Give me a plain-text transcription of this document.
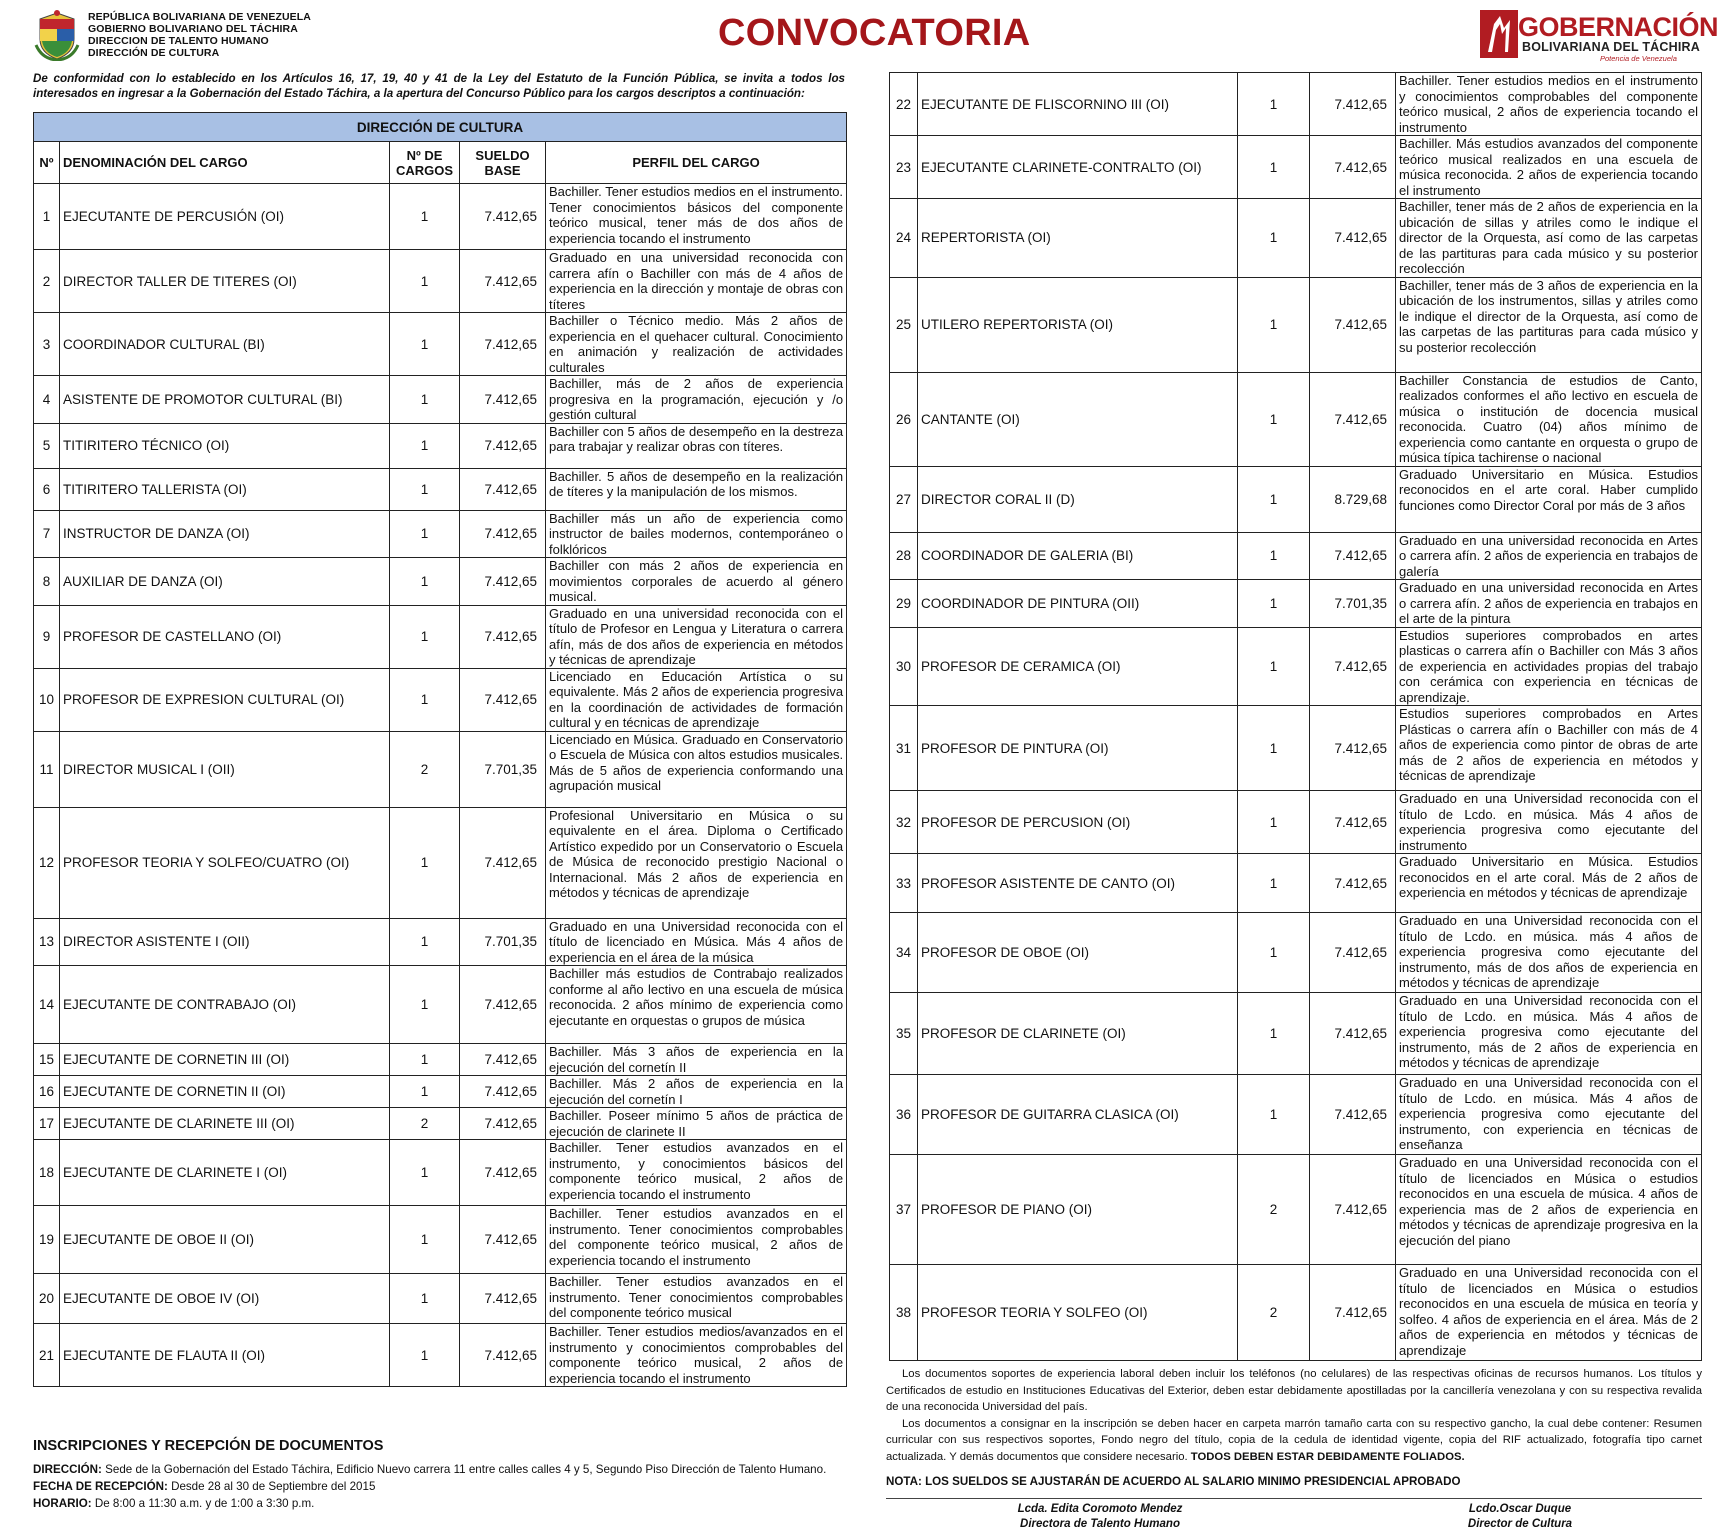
REPÚBLICA BOLIVARIANA DE VENEZUELA
GOBIERNO BOLIVARIANO DEL TÁCHIRA
DIRECCION DE TALENTO HUMANO
DIRECCIÓN DE CULTURA	CONVOCATORIA	GOBERNACIÓN
BOLIVARIANA DEL TÁCHIRA
Potencia de Venezuela
De conformidad con lo establecido en los Artículos 16, 17, 19, 40 y 41 de la Ley del Estatuto de la Función Pública, se invita a todos los interesados en ingresar a la Gobernación del Estado Táchira, a la apertura del Concurso Público para los cargos descriptos a continuación:
DIRECCIÓN DE CULTURA				
Nº	DENOMINACIÓN DEL CARGO	Nº DE CARGOS	SUELDO BASE	PERFIL DEL CARGO
1	EJECUTANTE DE PERCUSIÓN (OI)	1	7.412,65	Bachiller. Tener estudios medios en el instrumento. Tener conocimientos básicos del componente teórico musical, tener más de dos años de experiencia tocando el instrumento
2	DIRECTOR TALLER DE TITERES (OI)	1	7.412,65	Graduado en una universidad reconocida con carrera afín o Bachiller con más de 4 años de experiencia en la dirección y montaje de obras con títeres
3	COORDINADOR CULTURAL (BI)	1	7.412,65	Bachiller o Técnico medio. Más 2 años de experiencia en el quehacer cultural. Conocimiento en animación y realización de actividades culturales
4	ASISTENTE DE PROMOTOR CULTURAL (BI)	1	7.412,65	Bachiller, más de 2 años de experiencia progresiva en la programación, ejecución y /o gestión cultural
5	TITIRITERO TÉCNICO (OI)	1	7.412,65	Bachiller con 5 años de desempeño en la destreza para trabajar y realizar obras con títeres.
6	TITIRITERO TALLERISTA (OI)	1	7.412,65	Bachiller. 5 años de desempeño en la realización de títeres y la manipulación de los mismos.
7	INSTRUCTOR DE DANZA (OI)	1	7.412,65	Bachiller más un año de experiencia como instructor de bailes modernos, contemporáneo o folklóricos
8	AUXILIAR DE DANZA (OI)	1	7.412,65	Bachiller con más 2 años de experiencia en movimientos corporales de acuerdo al género musical.
9	PROFESOR DE CASTELLANO (OI)	1	7.412,65	Graduado en una universidad reconocida con el título de Profesor en Lengua y Literatura o carrera afín, más de dos años de experiencia en métodos y técnicas de aprendizaje
10	PROFESOR DE EXPRESION CULTURAL (OI)	1	7.412,65	Licenciado en Educación Artística o su equivalente. Más 2 años de experiencia progresiva en la coordinación de actividades de formación cultural y en técnicas de aprendizaje
11	DIRECTOR MUSICAL I (OII)	2	7.701,35	Licenciado en Música. Graduado en Conservatorio o Escuela de Música con altos estudios musicales. Más de 5 años de experiencia conformando una agrupación musical
12	PROFESOR TEORIA Y SOLFEO/CUATRO (OI)	1	7.412,65	Profesional Universitario en Música o su equivalente en el área. Diploma o Certificado Artístico expedido por un Conservatorio o Escuela de Música de reconocido prestigio Nacional o Internacional. Más 2 años de experiencia en métodos y técnicas de aprendizaje
13	DIRECTOR ASISTENTE I (OII)	1	7.701,35	Graduado en una Universidad reconocida con el título de licenciado en Música. Más 4 años de experiencia en el área de la música
14	EJECUTANTE DE CONTRABAJO (OI)	1	7.412,65	Bachiller más estudios de Contrabajo realizados conforme al año lectivo en una escuela de música reconocida. 2 años mínimo de experiencia como ejecutante en orquestas o grupos de música
15	EJECUTANTE DE CORNETIN III (OI)	1	7.412,65	Bachiller. Más 3 años de experiencia en la ejecución del cornetín II
16	EJECUTANTE DE CORNETIN II (OI)	1	7.412,65	Bachiller. Más 2 años de experiencia en la ejecución del cornetín I
17	EJECUTANTE DE CLARINETE III (OI)	2	7.412,65	Bachiller. Poseer mínimo 5 años de práctica de ejecución de clarinete II
18	EJECUTANTE DE CLARINETE I (OI)	1	7.412,65	Bachiller. Tener estudios avanzados en el instrumento, y conocimientos básicos del componente teórico musical, 2 años de experiencia tocando el instrumento
19	EJECUTANTE DE OBOE II (OI)	1	7.412,65	Bachiller. Tener estudios avanzados en el instrumento. Tener conocimientos comprobables del componente teórico musical, 2 años de experiencia tocando el instrumento
20	EJECUTANTE DE OBOE IV (OI)	1	7.412,65	Bachiller. Tener estudios avanzados en el instrumento. Tener conocimientos comprobables del componente teórico musical
21	EJECUTANTE DE FLAUTA II (OI)	1	7.412,65	Bachiller. Tener estudios medios/avanzados en el instrumento y conocimientos comprobables del componente teórico musical, 2 años de experiencia tocando el instrumento
22	EJECUTANTE DE FLISCORNINO III (OI)	1	7.412,65	Bachiller. Tener estudios medios en el instrumento y conocimientos comprobables del componente teórico musical, 2 años de experiencia tocando el instrumento
23	EJECUTANTE CLARINETE-CONTRALTO (OI)	1	7.412,65	Bachiller. Más estudios avanzados del componente teórico musical realizados en una escuela de música reconocida. 2 años de experiencia tocando el instrumento
24	REPERTORISTA (OI)	1	7.412,65	Bachiller, tener más de 2 años de experiencia en la ubicación de sillas y atriles como le indique el director de la Orquesta, así como de las carpetas de las partituras para cada músico y su posterior recolección
25	UTILERO REPERTORISTA (OI)	1	7.412,65	Bachiller, tener más de 3 años de experiencia en la ubicación de los instrumentos, sillas y atriles como le indique el director de la Orquesta, así como de las carpetas de las partituras para cada músico y su posterior recolección
26	CANTANTE (OI)	1	7.412,65	Bachiller Constancia de estudios de Canto, realizados conformes el año lectivo en escuela de música o institución de docencia musical reconocida. Cuatro (04) años mínimo de experiencia como cantante en orquesta o grupo de música típica tachirense o nacional
27	DIRECTOR CORAL II (D)	1	8.729,68	Graduado Universitario en Música. Estudios reconocidos en el arte coral. Haber cumplido funciones como Director Coral por más de 3 años
28	COORDINADOR DE GALERIA (BI)	1	7.412,65	Graduado en una universidad reconocida en Artes o carrera afín. 2 años de experiencia en trabajos de galería
29	COORDINADOR DE PINTURA (OII)	1	7.701,35	Graduado en una universidad reconocida en Artes o carrera afín. 2 años de experiencia en trabajos en el arte de la pintura
30	PROFESOR DE CERAMICA (OI)	1	7.412,65	Estudios superiores comprobados en artes plasticas o carrera afín o Bachiller con Más 3 años de experiencia en actividades propias del trabajo con cerámica con experiencia en técnicas de aprendizaje.
31	PROFESOR DE PINTURA (OI)	1	7.412,65	Estudios superiores comprobados en Artes Plásticas o carrera afín o Bachiller con más de 4 años de experiencia como pintor de obras de arte más de 2 años de experiencia en métodos y técnicas de aprendizaje
32	PROFESOR DE PERCUSION (OI)	1	7.412,65	Graduado en una Universidad reconocida con el título de Lcdo. en música. Más 4 años de experiencia progresiva como ejecutante del instrumento
33	PROFESOR ASISTENTE DE CANTO (OI)	1	7.412,65	Graduado Universitario en Música. Estudios reconocidos en el arte coral. Más de 2 años de experiencia en métodos y técnicas de aprendizaje
34	PROFESOR DE OBOE (OI)	1	7.412,65	Graduado en una Universidad reconocida con el título de Lcdo. en música. más 4 años de experiencia progresiva como ejecutante del instrumento, más de dos años de experiencia en métodos y técnicas de aprendizaje
35	PROFESOR DE CLARINETE (OI)	1	7.412,65	Graduado en una Universidad reconocida con el título de Lcdo. en música. Más 4 años de experiencia progresiva como ejecutante del instrumento, más de 2 años de experiencia en métodos y técnicas de aprendizaje
36	PROFESOR DE GUITARRA CLASICA (OI)	1	7.412,65	Graduado en una Universidad reconocida con el título de Lcdo. en música. Más 4 años de experiencia progresiva como ejecutante del instrumento, con experiencia en técnicas de enseñanza
37	PROFESOR DE PIANO (OI)	2	7.412,65	Graduado en una Universidad reconocida con el título de licenciados en Música o estudios reconocidos en una escuela de música. 4 años de experiencia mas de 2 años de experiencia en métodos y técnicas de aprendizaje progresiva en la ejecución del piano
38	PROFESOR TEORIA Y SOLFEO (OI)	2	7.412,65	Graduado en una Universidad reconocida con el título de licenciados en Música o estudios reconocidos en una escuela de música en teoría y solfeo. 4 años de experiencia en el área. Más de 2 años de experiencia en métodos y técnicas de aprendizaje
INSCRIPCIONES Y RECEPCIÓN DE DOCUMENTOS
DIRECCIÓN: Sede de la Gobernación del Estado Táchira, Edificio Nuevo carrera 11 entre calles calles 4 y 5, Segundo Piso Dirección de Talento Humano.
FECHA DE RECEPCIÓN: Desde 28 al 30 de Septiembre del 2015
HORARIO: De 8:00 a 11:30 a.m. y de 1:00 a 3:30 p.m.

Los documentos soportes de experiencia laboral deben incluir los teléfonos (no celulares) de las respectivas oficinas de recursos humanos. Los títulos y Certificados de estudio en Instituciones Educativas del Exterior, deben estar debidamente apostilladas por la cancillería venezolana y con su respectiva revalida de una reconocida Universidad del país.

Los documentos a consignar en la inscripción se deben hacer en carpeta marrón tamaño carta con su respectivo gancho, la cual debe contener: Resumen curricular con sus respectivos soportes, Fondo negro del título, copia de la cedula de identidad vigente, copia del RIF actualizado, fotografía tipo carnet actualizada. Y demás documentos que considere necesario. TODOS DEBEN ESTAR DEBIDAMENTE FOLIADOS.

NOTA: LOS SUELDOS SE AJUSTARÁN DE ACUERDO AL SALARIO MINIMO PRESIDENCIAL APROBADO
Lcda. Edita Coromoto Mendez
Directora de Talento Humano
Lcdo.Oscar Duque
Director de Cultura
